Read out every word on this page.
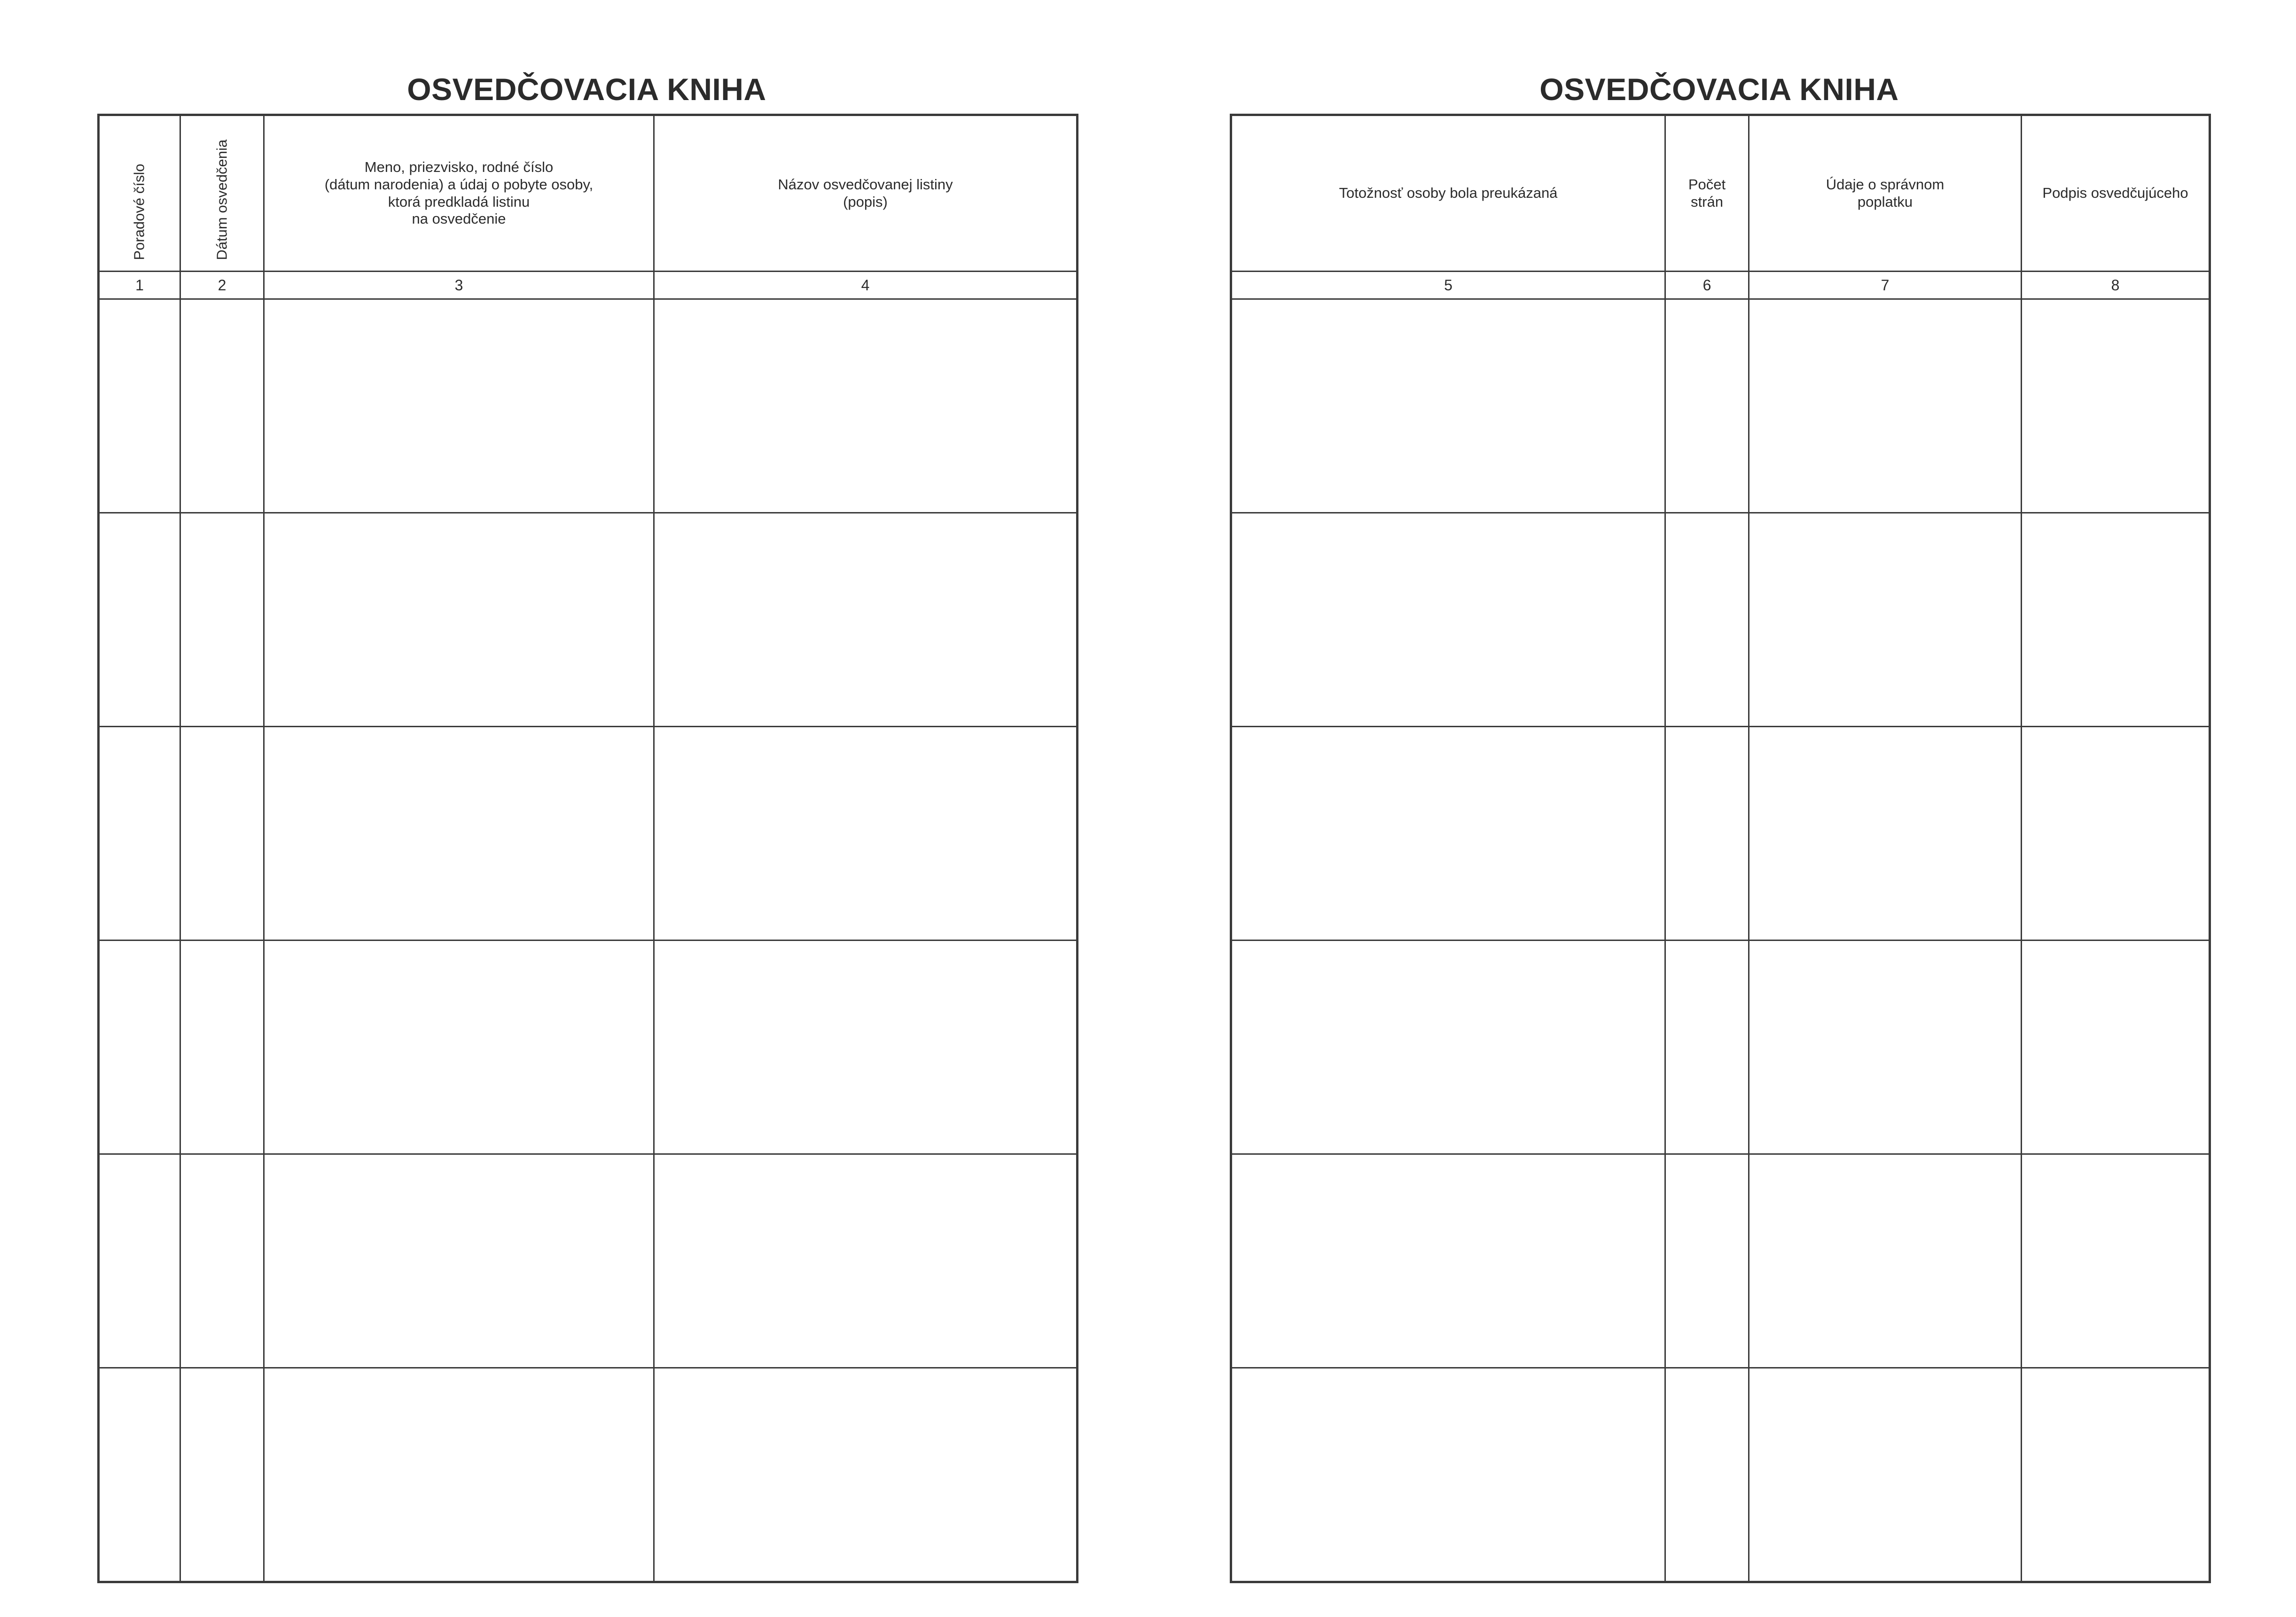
OSVEDČOVACIA KNIHA
Poradové číslo	Dátum osvedčenia	Meno, priezvisko, rodné číslo
(dátum narodenia) a údaj o pobyte osoby,
ktorá predkladá listinu
na osvedčenie	Názov osvedčovanej listiny
(popis)

1	2	3	4

OSVEDČOVACIA KNIHA
Totožnosť osoby bola preukázaná	Počet
strán	Údaje o správnom
poplatku	Podpis osvedčujúceho

5	6	7	8
